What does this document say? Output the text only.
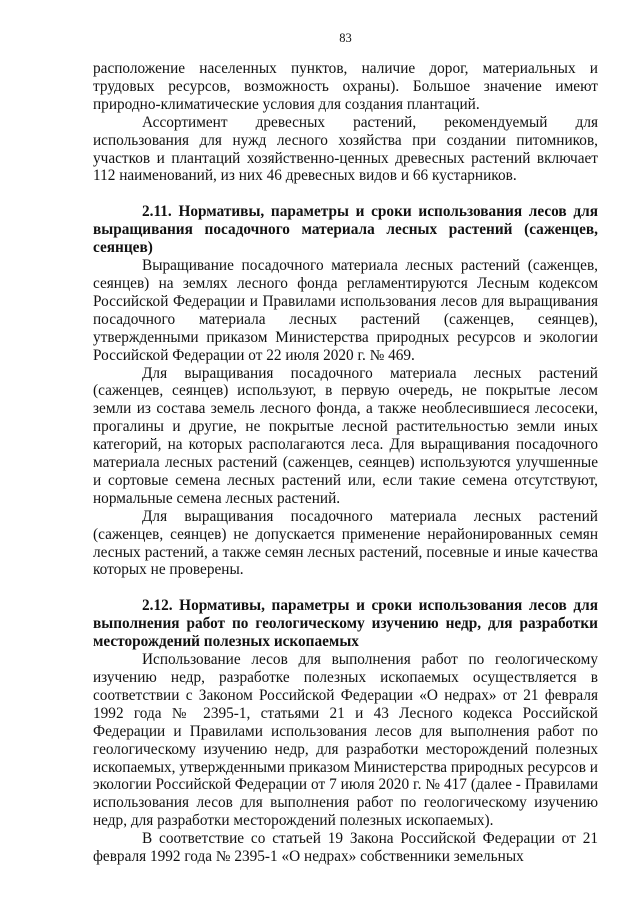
83

расположение населенных пунктов, наличие дорог, материальных и трудовых ресурсов, возможность охраны). Большое значение имеют природно-климатические условия для создания плантаций.

Ассортимент древесных растений, рекомендуемый для использования для нужд лесного хозяйства при создании питомников, участков и плантаций хозяйственно-ценных древесных растений включает 112 наименований, из них 46 древесных видов и 66 кустарников.

2.11. Нормативы, параметры и сроки использования лесов для выращивания посадочного материала лесных растений (саженцев, сеянцев)

Выращивание посадочного материала лесных растений (саженцев, сеянцев) на землях лесного фонда регламентируются Лесным кодексом Российской Федерации и Правилами использования лесов для выращивания посадочного материала лесных растений (саженцев, сеянцев), утвержденными приказом Министерства природных ресурсов и экологии Российской Федерации от 22 июля 2020 г. № 469.

Для выращивания посадочного материала лесных растений (саженцев, сеянцев) используют, в первую очередь, не покрытые лесом земли из состава земель лесного фонда, а также необлесившиеся лесосеки, прогалины и другие, не покрытые лесной растительностью земли иных категорий, на которых располагаются леса. Для выращивания посадочного материала лесных растений (саженцев, сеянцев) используются улучшенные и сортовые семена лесных растений или, если такие семена отсутствуют, нормальные семена лесных растений.

Для выращивания посадочного материала лесных растений (саженцев, сеянцев) не допускается применение нерайонированных семян лесных растений, а также семян лесных растений, посевные и иные качества которых не проверены.

2.12. Нормативы, параметры и сроки использования лесов для выполнения работ по геологическому изучению недр, для разработки месторождений полезных ископаемых

Использование лесов для выполнения работ по геологическому изучению недр, разработке полезных ископаемых осуществляется в соответствии с Законом Российской Федерации «О недрах» от 21 февраля 1992 года № 2395-1, статьями 21 и 43 Лесного кодекса Российской Федерации и Правилами использования лесов для выполнения работ по геологическому изучению недр, для разработки месторождений полезных ископаемых, утвержденными приказом Министерства природных ресурсов и экологии Российской Федерации от 7 июля 2020 г. № 417 (далее - Правилами использования лесов для выполнения работ по геологическому изучению недр, для разработки месторождений полезных ископаемых).

В соответствие со статьей 19 Закона Российской Федерации от 21 февраля 1992 года № 2395-1 «О недрах» собственники земельных
